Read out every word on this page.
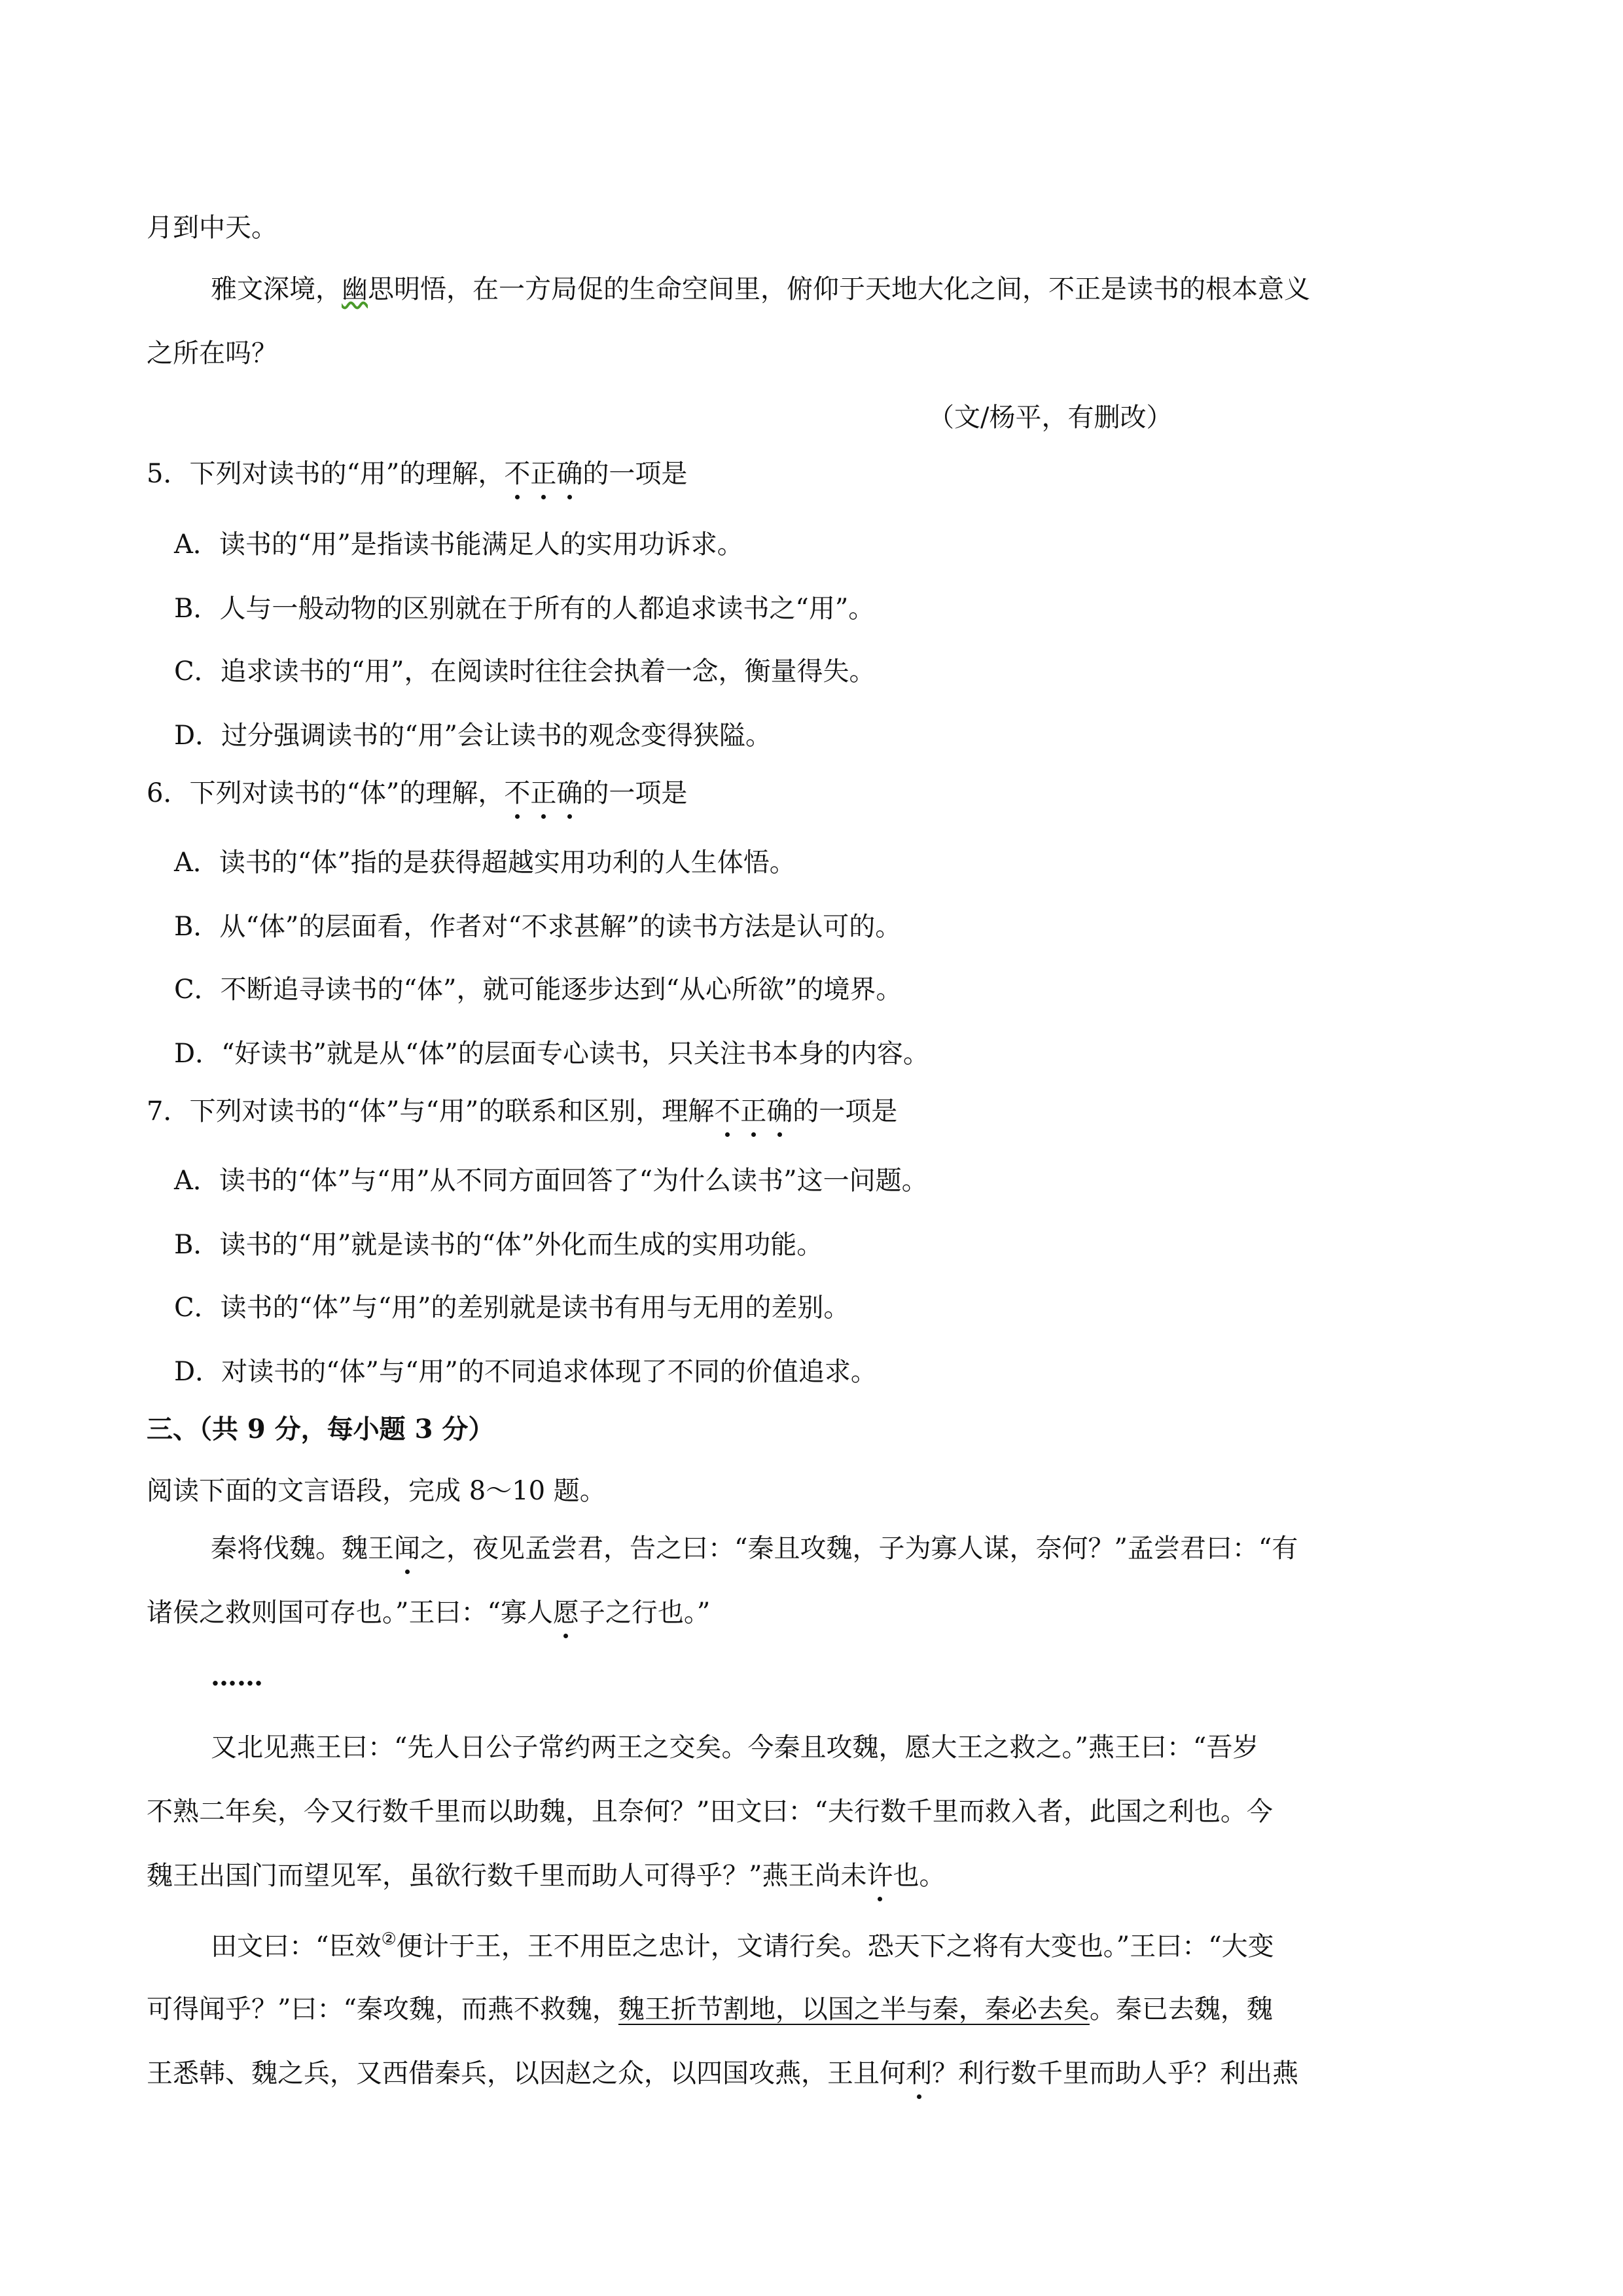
月到中天。
雅文深境，幽思明悟，在一方局促的生命空间里，俯仰于天地大化之间，不正是读书的根本意义
之所在吗？
（文/杨平，有删改）
5．下列对读书的“用”的理解，不正确的一项是
A．读书的“用”是指读书能满足人的实用功诉求。
B．人与一般动物的区别就在于所有的人都追求读书之“用”。
C．追求读书的“用”，在阅读时往往会执着一念，衡量得失。
D．过分强调读书的“用”会让读书的观念变得狭隘。
6．下列对读书的“体”的理解，不正确的一项是
A．读书的“体”指的是获得超越实用功利的人生体悟。
B．从“体”的层面看，作者对“不求甚解”的读书方法是认可的。
C．不断追寻读书的“体”，就可能逐步达到“从心所欲”的境界。
D．“好读书”就是从“体”的层面专心读书，只关注书本身的内容。
7．下列对读书的“体”与“用”的联系和区别，理解不正确的一项是
A．读书的“体”与“用”从不同方面回答了“为什么读书”这一问题。
B．读书的“用”就是读书的“体”外化而生成的实用功能。
C．读书的“体”与“用”的差别就是读书有用与无用的差别。
D．对读书的“体”与“用”的不同追求体现了不同的价值追求。
三、（共 9 分，每小题 3 分）
阅读下面的文言语段，完成 8～10 题。
秦将伐魏。魏王闻之，夜见孟尝君，告之曰：“秦且攻魏，子为寡人谋，奈何？”孟尝君曰：“有
诸侯之救则国可存也。”王曰：“寡人愿子之行也。”
……
又北见燕王曰：“先人日公子常约两王之交矣。今秦且攻魏，愿大王之救之。”燕王曰：“吾岁
不熟二年矣，今又行数千里而以助魏，且奈何？”田文曰：“夫行数千里而救入者，此国之利也。今
魏王出国门而望见军，虽欲行数千里而助人可得乎？”燕王尚未许也。
田文曰：“臣效②便计于王，王不用臣之忠计，文请行矣。恐天下之将有大变也。”王曰：“大变
可得闻乎？”曰：“秦攻魏，而燕不救魏，魏王折节割地，以国之半与秦，秦必去矣。秦已去魏，魏
王悉韩、魏之兵，又西借秦兵，以因赵之众，以四国攻燕，王且何利？利行数千里而助人乎？利出燕
